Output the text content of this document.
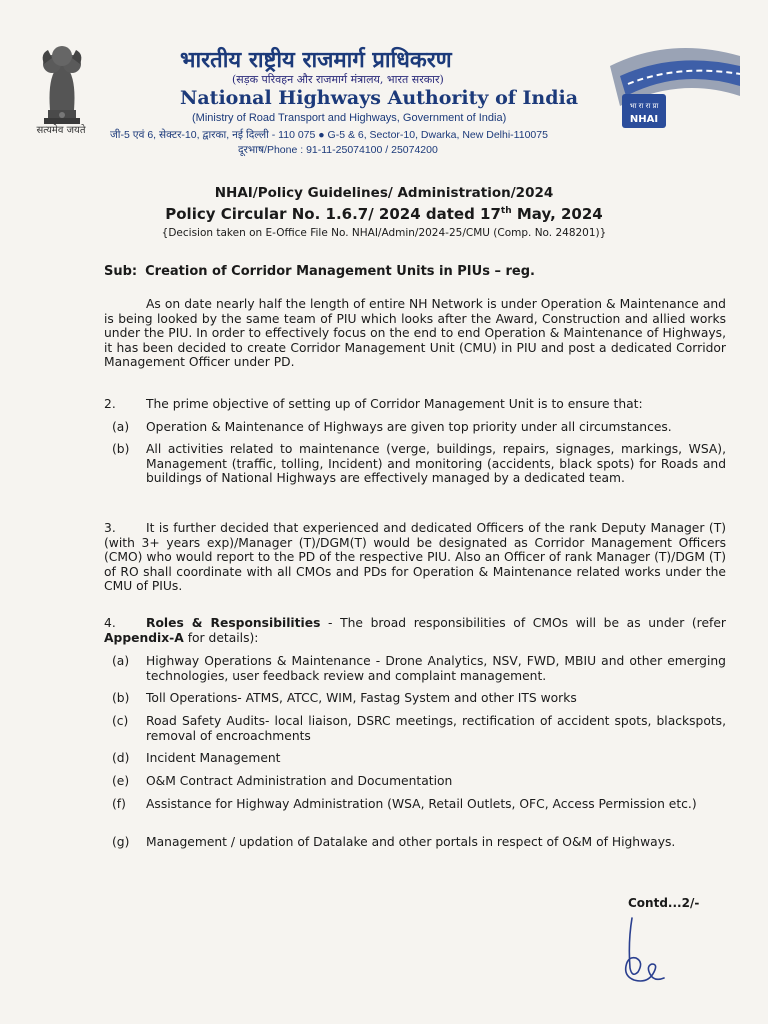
सत्यमेव जयते
भारतीय राष्ट्रीय राजमार्ग प्राधिकरण
(सड़क परिवहन और राजमार्ग मंत्रालय, भारत सरकार)
National Highways Authority of India
(Ministry of Road Transport and Highways, Government of India)
जी-5 एवं 6, सेक्टर-10, द्वारका, नई दिल्ली - 110 075 ● G-5 & 6, Sector-10, Dwarka, New Delhi-110075
दूरभाष/Phone : 91-11-25074100 / 25074200
भा रा रा प्रा
NHAI
NHAI/Policy Guidelines/ Administration/2024
Policy Circular No. 1.6.7/ 2024 dated 17th May, 2024
{Decision taken on E-Office File No. NHAI/Admin/2024-25/CMU (Comp. No. 248201)}
Sub: Creation of Corridor Management Units in PIUs – reg.
As on date nearly half the length of entire NH Network is under Operation & Maintenance and is being looked by the same team of PIU which looks after the Award, Construction and allied works under the PIU. In order to effectively focus on the end to end Operation & Maintenance of Highways, it has been decided to create Corridor Management Unit (CMU) in PIU and post a dedicated Corridor Management Officer under PD.
2. The prime objective of setting up of Corridor Management Unit is to ensure that:
(a) Operation & Maintenance of Highways are given top priority under all circumstances.
(b) All activities related to maintenance (verge, buildings, repairs, signages, markings, WSA), Management (traffic, tolling, Incident) and monitoring (accidents, black spots) for Roads and buildings of National Highways are effectively managed by a dedicated team.
3. It is further decided that experienced and dedicated Officers of the rank Deputy Manager (T) (with 3+ years exp)/Manager (T)/DGM(T) would be designated as Corridor Management Officers (CMO) who would report to the PD of the respective PIU. Also an Officer of rank Manager (T)/DGM (T) of RO shall coordinate with all CMOs and PDs for Operation & Maintenance related works under the CMU of PIUs.
4. Roles & Responsibilities - The broad responsibilities of CMOs will be as under (refer Appendix-A for details):
(a) Highway Operations & Maintenance - Drone Analytics, NSV, FWD, MBIU and other emerging technologies, user feedback review and complaint management.
(b) Toll Operations- ATMS, ATCC, WIM, Fastag System and other ITS works
(c) Road Safety Audits- local liaison, DSRC meetings, rectification of accident spots, blackspots, removal of encroachments
(d) Incident Management
(e) O&M Contract Administration and Documentation
(f) Assistance for Highway Administration (WSA, Retail Outlets, OFC, Access Permission etc.)
(g) Management / updation of Datalake and other portals in respect of O&M of Highways.
Contd...2/-
